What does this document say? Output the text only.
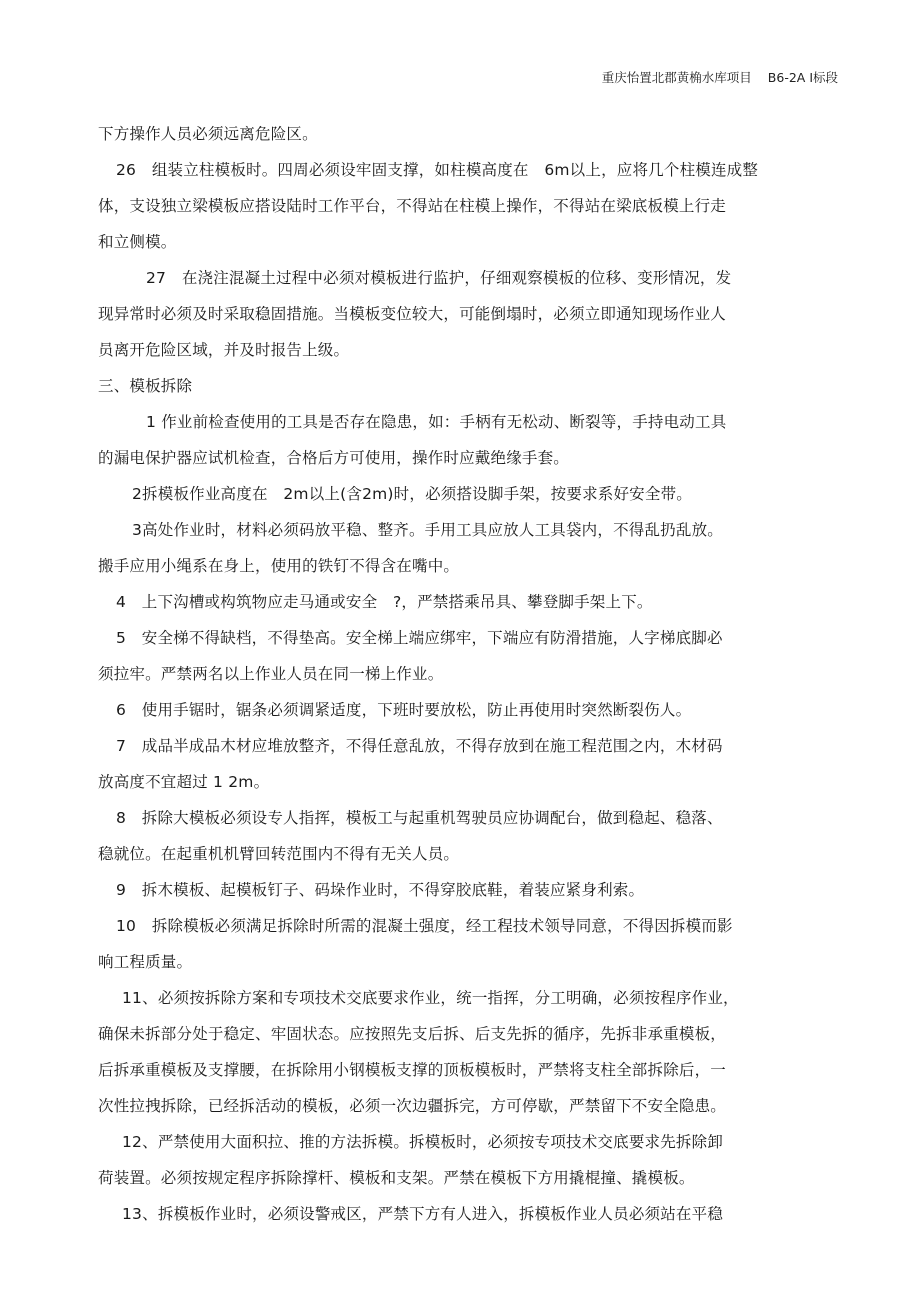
重庆怡置北郡黄桷水库项目 B6-2A Ⅰ标段
下方操作人员必须远离危险区。
26　组装立柱模板时。四周必须设牢固支撑，如柱模高度在　6m以上，应将几个柱模连成整
体，支设独立梁模板应搭设陆时工作平台，不得站在柱模上操作，不得站在梁底板模上行走
和立侧模。
27　在浇注混凝土过程中必须对模板进行监护，仔细观察模板的位移、变形情况，发
现异常时必须及时采取稳固措施。当模板变位较大，可能倒塌时，必须立即通知现场作业人
员离开危险区域，并及时报告上级。
三、模板拆除
1 作业前检查使用的工具是否存在隐患，如：手柄有无松动、断裂等，手持电动工具
的漏电保护器应试机检查，合格后方可使用，操作时应戴绝缘手套。
2拆模板作业高度在　2m以上(含2m)时，必须搭设脚手架，按要求系好安全带。
3高处作业时，材料必须码放平稳、整齐。手用工具应放人工具袋内，不得乱扔乱放。
搬手应用小绳系在身上，使用的铁钉不得含在嘴中。
4　上下沟槽或构筑物应走马通或安全　?，严禁搭乘吊具、攀登脚手架上下。
5　安全梯不得缺档，不得垫高。安全梯上端应绑牢，下端应有防滑措施，人字梯底脚必
须拉牢。严禁两名以上作业人员在同一梯上作业。
6　使用手锯时，锯条必须调紧适度，下班时要放松，防止再使用时突然断裂伤人。
7　成品半成品木材应堆放整齐，不得任意乱放，不得存放到在施工程范围之内，木材码
放高度不宜超过 1 2m。
8　拆除大模板必须设专人指挥，模板工与起重机驾驶员应协调配台，做到稳起、稳落、
稳就位。在起重机机臂回转范围内不得有无关人员。
9　拆木模板、起模板钉子、码垛作业时，不得穿胶底鞋，着装应紧身利索。
10　拆除模板必须满足拆除时所需的混凝土强度，经工程技术领导同意，不得因拆模而影
响工程质量。
11、必须按拆除方案和专项技术交底要求作业，统一指挥，分工明确，必须按程序作业，
确保未拆部分处于稳定、牢固状态。应按照先支后拆、后支先拆的循序，先拆非承重模板，
后拆承重模板及支撑腰，在拆除用小钢模板支撑的顶板模板时，严禁将支柱全部拆除后，一
次性拉拽拆除，已经拆活动的模板，必须一次边疆拆完，方可停歇，严禁留下不安全隐患。
12、严禁使用大面积拉、推的方法拆模。拆模板时，必须按专项技术交底要求先拆除卸
荷装置。必须按规定程序拆除撑杆、模板和支架。严禁在模板下方用撬棍撞、撬模板。
13、拆模板作业时，必须设警戒区，严禁下方有人进入，拆模板作业人员必须站在平稳
